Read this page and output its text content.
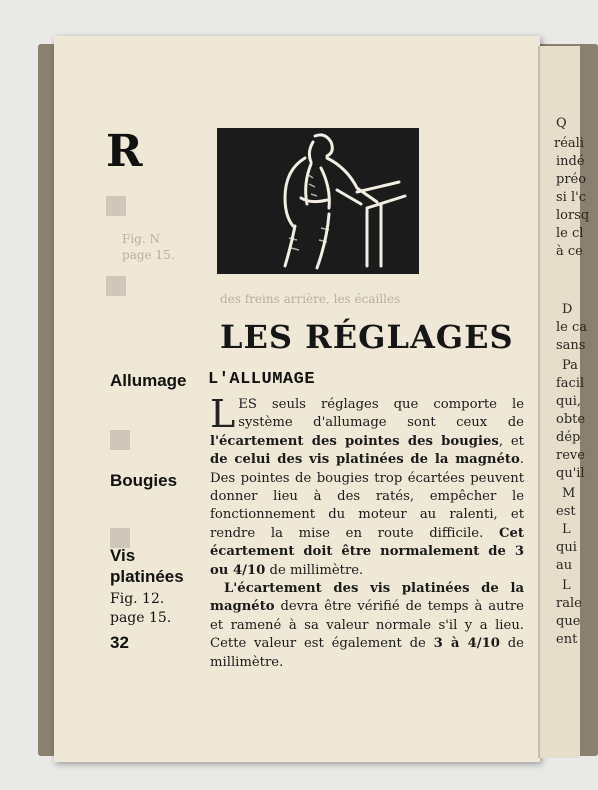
Fig. N
page 15.
des freins arrière, les écailles
Q
réali
indé
préo
si l'c
lorsq
le cl
à ce
D
le ca
sans
Pa
facil
qui,
obte
dép
reve
qu'il
M
est
L
qui
au
L
rale
que
ent
R
LES RÉGLAGES
Allumage
Bougies
Vis
platinées
Fig. 12.
page 15.
32
L'ALLUMAGE

LES seuls réglages que comporte le système d'allumage sont ceux de l'écartement des pointes des bougies, et de celui des vis platinées de la magnéto. Des pointes de bougies trop écartées peuvent donner lieu à des ratés, empêcher le fonctionnement du moteur au ralenti, et rendre la mise en route difficile. Cet écartement doit être normalement de 3 ou 4/10 de millimètre.

L'écartement des vis platinées de la magnéto devra être vérifié de temps à autre et ramené à sa valeur normale s'il y a lieu. Cette valeur est également de 3 à 4/10 de millimètre.
